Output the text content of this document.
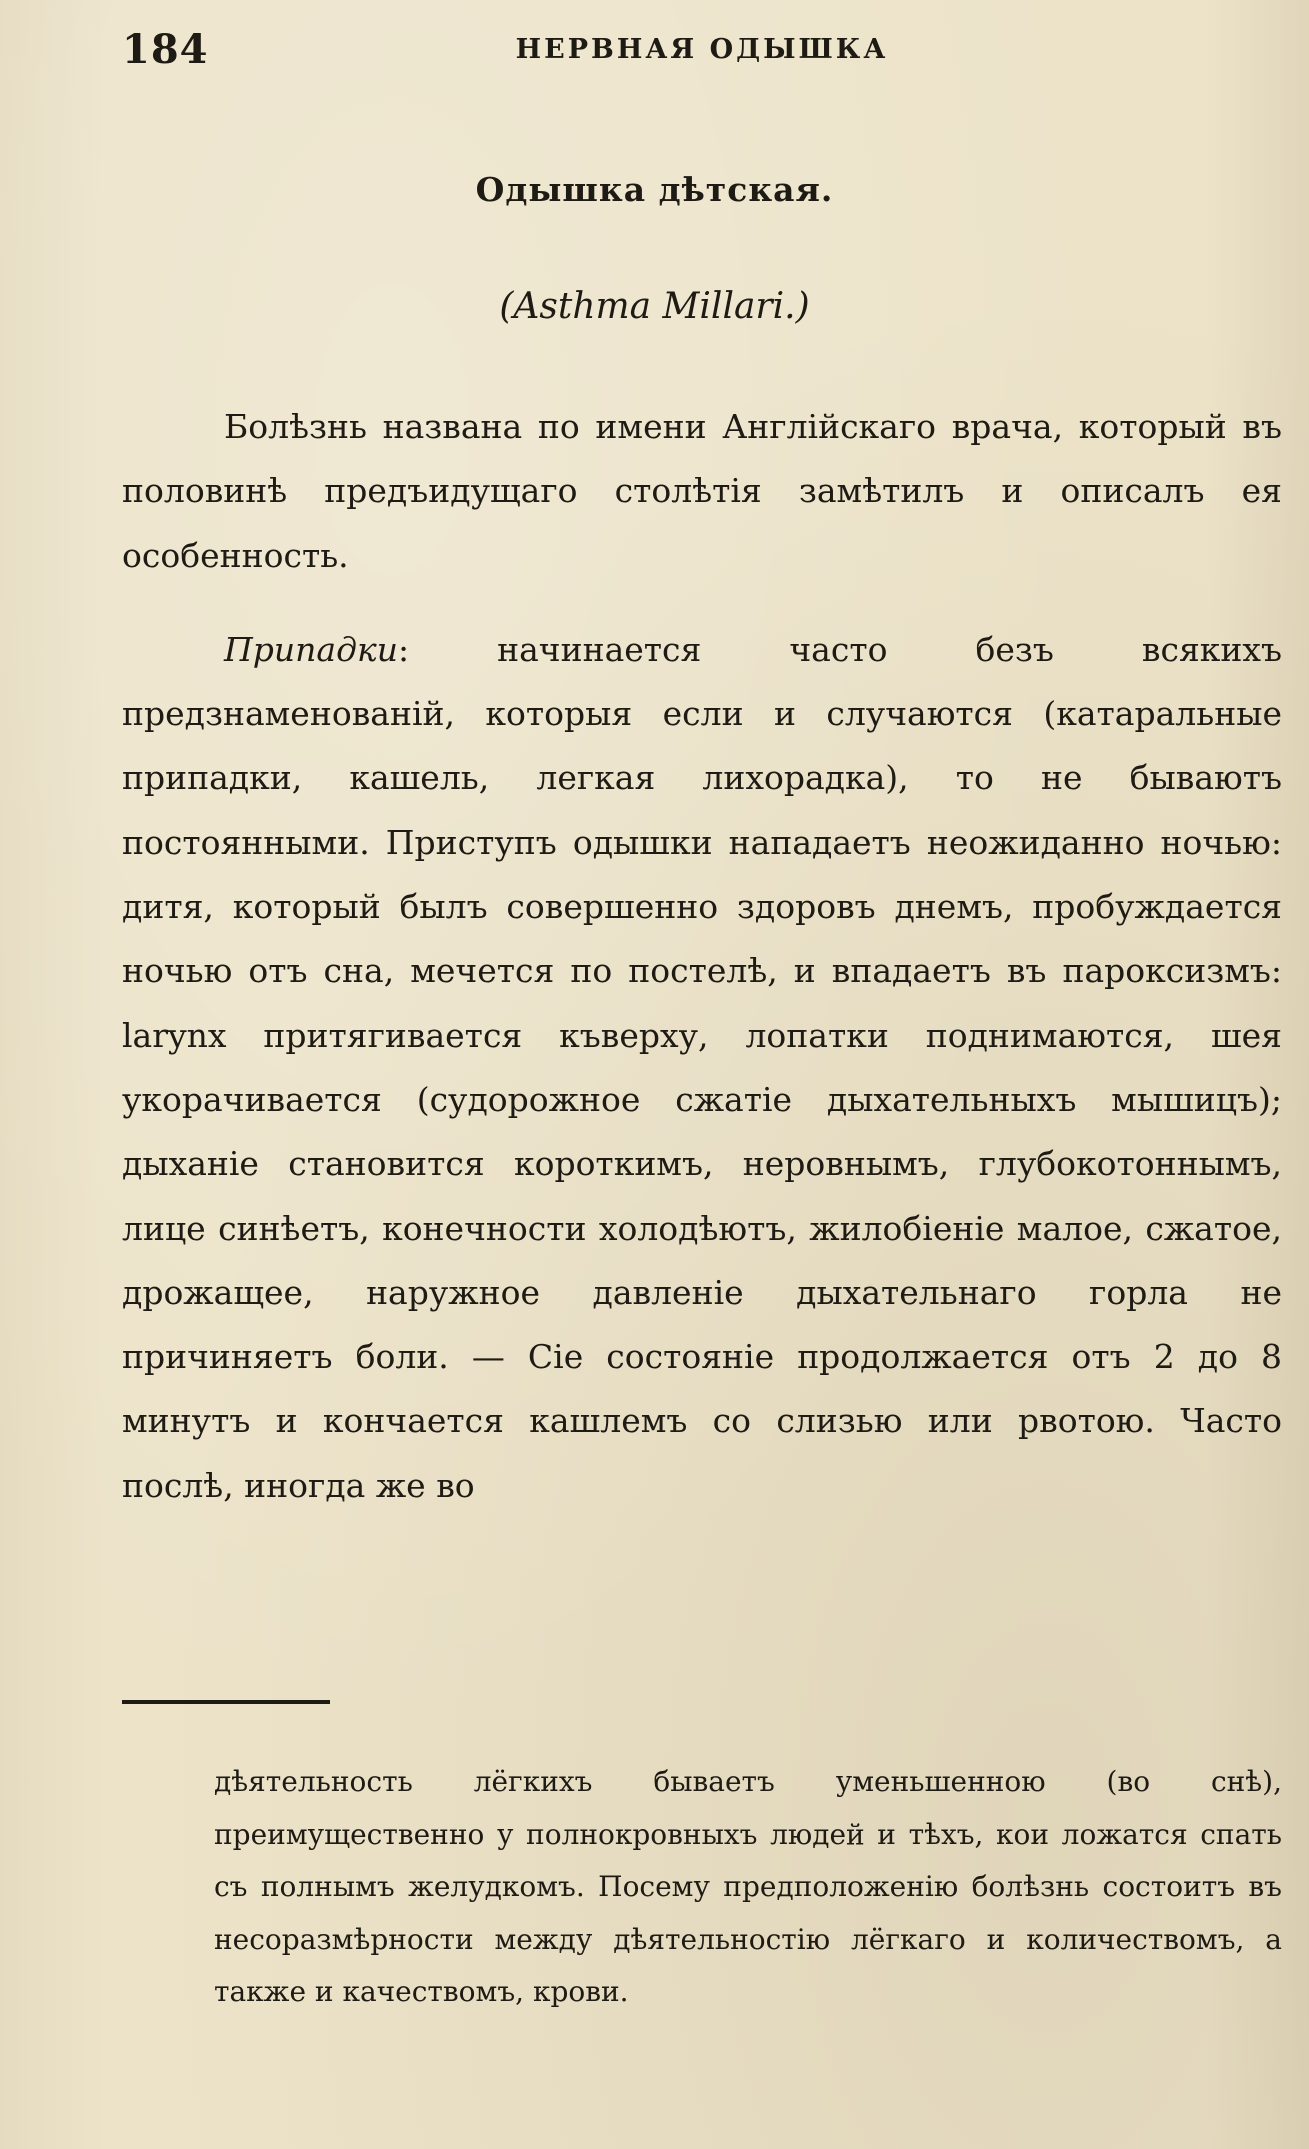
184	НЕРВНАЯ ОДЫШКА
Одышка дѣтская.
(Asthma Millari.)

Болѣзнь названа по имени Англійскаго врача, который въ половинѣ предъидущаго столѣтія замѣтилъ и описалъ ея особенность.

Припадки: начинается часто безъ всякихъ предзнаменованій, которыя если и случаются (катаральные припадки, кашель, легкая лихорадка), то не бываютъ постоянными. Приступъ одышки нападаетъ неожиданно ночью: дитя, который былъ совершенно здоровъ днемъ, пробуждается ночью отъ сна, мечется по постелѣ, и впадаетъ въ пароксизмъ: larynx притягивается къверху, лопатки поднимаются, шея укорачивается (судорожное сжатіе дыхательныхъ мышицъ); дыханіе становится короткимъ, неровнымъ, глубокотоннымъ, лице синѣетъ, конечности холодѣютъ, жилобіеніе малое, сжатое, дрожащее, наружное давленіе дыхательнаго горла не причиняетъ боли. — Сіе состояніе продолжается отъ 2 до 8 минутъ и кончается кашлемъ со слизью или рвотою. Часто послѣ, иногда же во

дѣятельность лёгкихъ бываетъ уменьшенною (во снѣ), преимущественно у полнокровныхъ людей и тѣхъ, кои ложатся спать съ полнымъ желудкомъ. Посему предположенію болѣзнь состоитъ въ несоразмѣрности между дѣятельностію лёгкаго и количествомъ, а также и качествомъ, крови.
